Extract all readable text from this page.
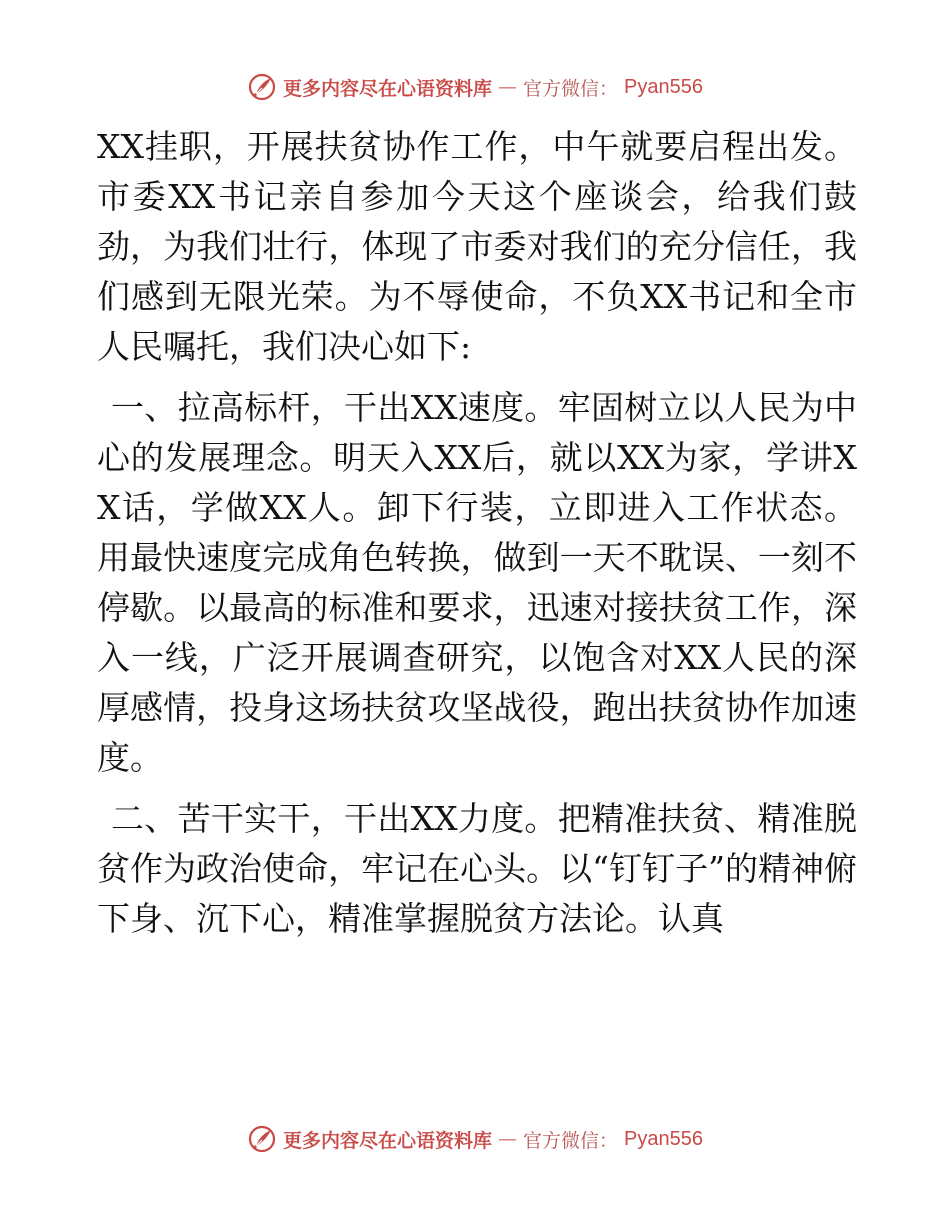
更多内容尽在心语资料库 — 官方微信： Pyan556

XX挂职，开展扶贫协作工作，中午就要启程出发。市委XX书记亲自参加今天这个座谈会，给我们鼓劲，为我们壮行，体现了市委对我们的充分信任，我们感到无限光荣。为不辱使命，不负XX书记和全市人民嘱托，我们决心如下:

一、拉高标杆，干出XX速度。牢固树立以人民为中心的发展理念。明天入XX后，就以XX为家，学讲XX话，学做XX人。卸下行装，立即进入工作状态。用最快速度完成角色转换，做到一天不耽误、一刻不停歇。以最高的标准和要求，迅速对接扶贫工作，深入一线，广泛开展调查研究，以饱含对XX人民的深厚感情，投身这场扶贫攻坚战役，跑出扶贫协作加速度。

二、苦干实干，干出XX力度。把精准扶贫、精准脱贫作为政治使命，牢记在心头。以“钉钉子”的精神俯下身、沉下心，精准掌握脱贫方法论。认真

更多内容尽在心语资料库 — 官方微信： Pyan556
